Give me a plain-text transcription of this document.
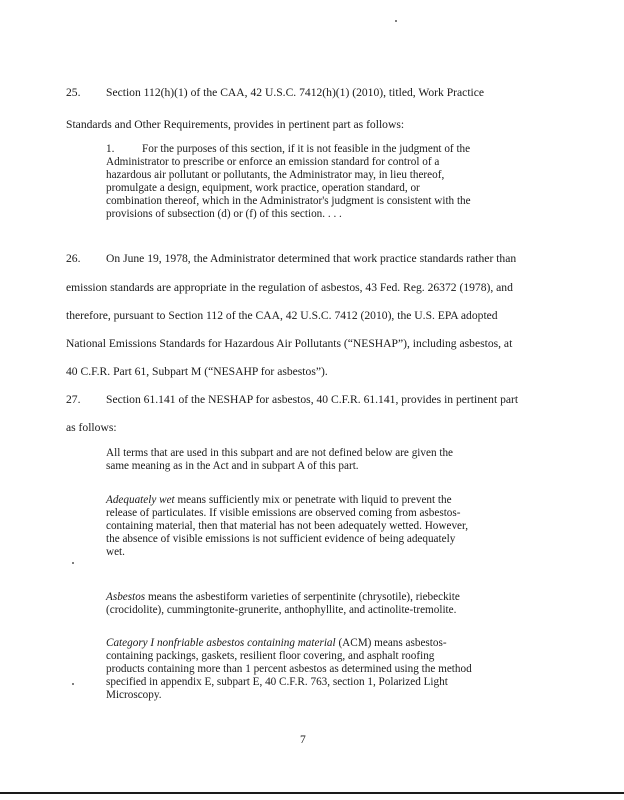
25. Section 112(h)(1) of the CAA, 42 U.S.C. 7412(h)(1) (2010), titled, Work Practice
Standards and Other Requirements, provides in pertinent part as follows:
1. For the purposes of this section, if it is not feasible in the judgment of the
Administrator to prescribe or enforce an emission standard for control of a
hazardous air pollutant or pollutants, the Administrator may, in lieu thereof,
promulgate a design, equipment, work practice, operation standard, or
combination thereof, which in the Administrator's judgment is consistent with the
provisions of subsection (d) or (f) of this section. . . .
26. On June 19, 1978, the Administrator determined that work practice standards rather than
emission standards are appropriate in the regulation of asbestos, 43 Fed. Reg. 26372 (1978), and
therefore, pursuant to Section 112 of the CAA, 42 U.S.C. 7412 (2010), the U.S. EPA adopted
National Emissions Standards for Hazardous Air Pollutants (“NESHAP”), including asbestos, at
40 C.F.R. Part 61, Subpart M (“NESAHP for asbestos”).
27. Section 61.141 of the NESHAP for asbestos, 40 C.F.R. 61.141, provides in pertinent part
as follows:
All terms that are used in this subpart and are not defined below are given the
same meaning as in the Act and in subpart A of this part.
Adequately wet means sufficiently mix or penetrate with liquid to prevent the
release of particulates. If visible emissions are observed coming from asbestos-
containing material, then that material has not been adequately wetted. However,
the absence of visible emissions is not sufficient evidence of being adequately
wet.
Asbestos means the asbestiform varieties of serpentinite (chrysotile), riebeckite
(crocidolite), cummingtonite-grunerite, anthophyllite, and actinolite-tremolite.
Category I nonfriable asbestos containing material (ACM) means asbestos-
containing packings, gaskets, resilient floor covering, and asphalt roofing
products containing more than 1 percent asbestos as determined using the method
specified in appendix E, subpart E, 40 C.F.R. 763, section 1, Polarized Light
Microscopy.
7
